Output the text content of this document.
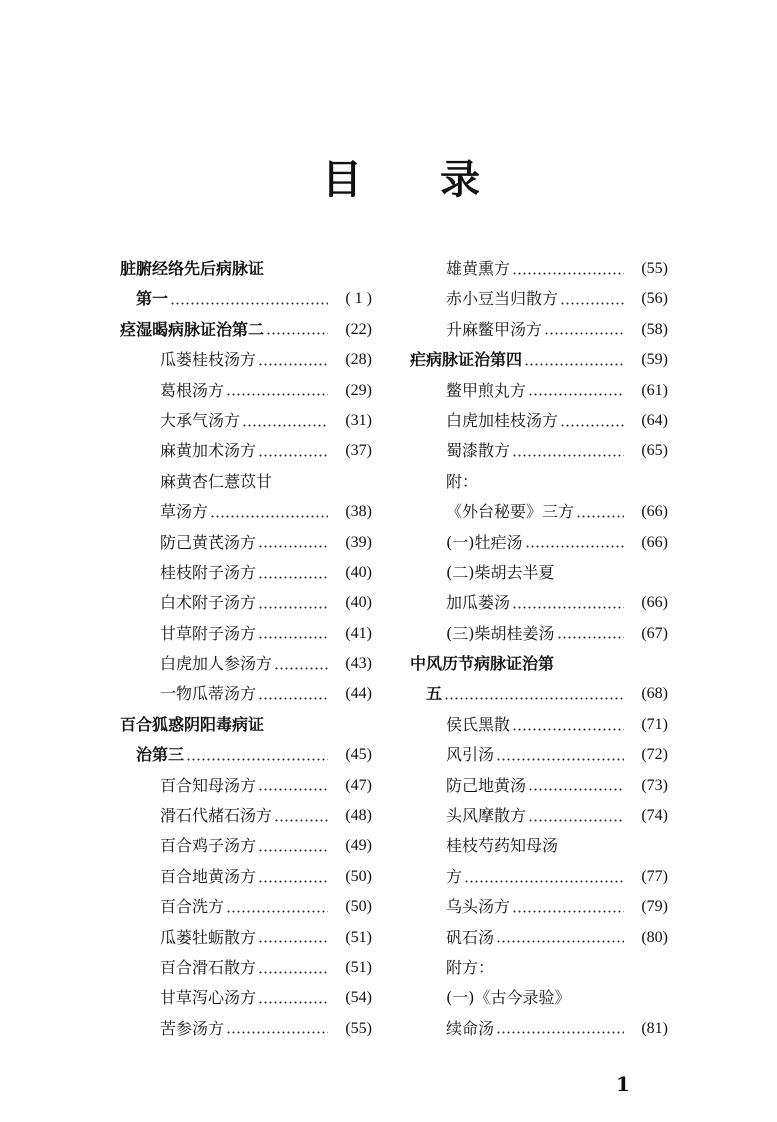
目 录
脏腑经络先后病脉证
第一	( 1 )
痉湿暍病脉证治第二	(22)
瓜蒌桂枝汤方	(28)
葛根汤方	(29)
大承气汤方	(31)
麻黄加术汤方	(37)
麻黄杏仁薏苡甘
草汤方	(38)
防己黄芪汤方	(39)
桂枝附子汤方	(40)
白术附子汤方	(40)
甘草附子汤方	(41)
白虎加人参汤方	(43)
一物瓜蒂汤方	(44)
百合狐惑阴阳毒病证
治第三	(45)
百合知母汤方	(47)
滑石代赭石汤方	(48)
百合鸡子汤方	(49)
百合地黄汤方	(50)
百合洗方	(50)
瓜蒌牡蛎散方	(51)
百合滑石散方	(51)
甘草泻心汤方	(54)
苦参汤方	(55)
雄黄熏方	(55)
赤小豆当归散方	(56)
升麻鳖甲汤方	(58)
疟病脉证治第四	(59)
鳖甲煎丸方	(61)
白虎加桂枝汤方	(64)
蜀漆散方	(65)
附：
《外台秘要》三方	(66)
(一)牡疟汤	(66)
(二)柴胡去半夏
加瓜蒌汤	(66)
(三)柴胡桂姜汤	(67)
中风历节病脉证治第
五	(68)
侯氏黑散	(71)
风引汤	(72)
防己地黄汤	(73)
头风摩散方	(74)
桂枝芍药知母汤
方	(77)
乌头汤方	(79)
矾石汤	(80)
附方：
(一)《古今录验》
续命汤	(81)
1
